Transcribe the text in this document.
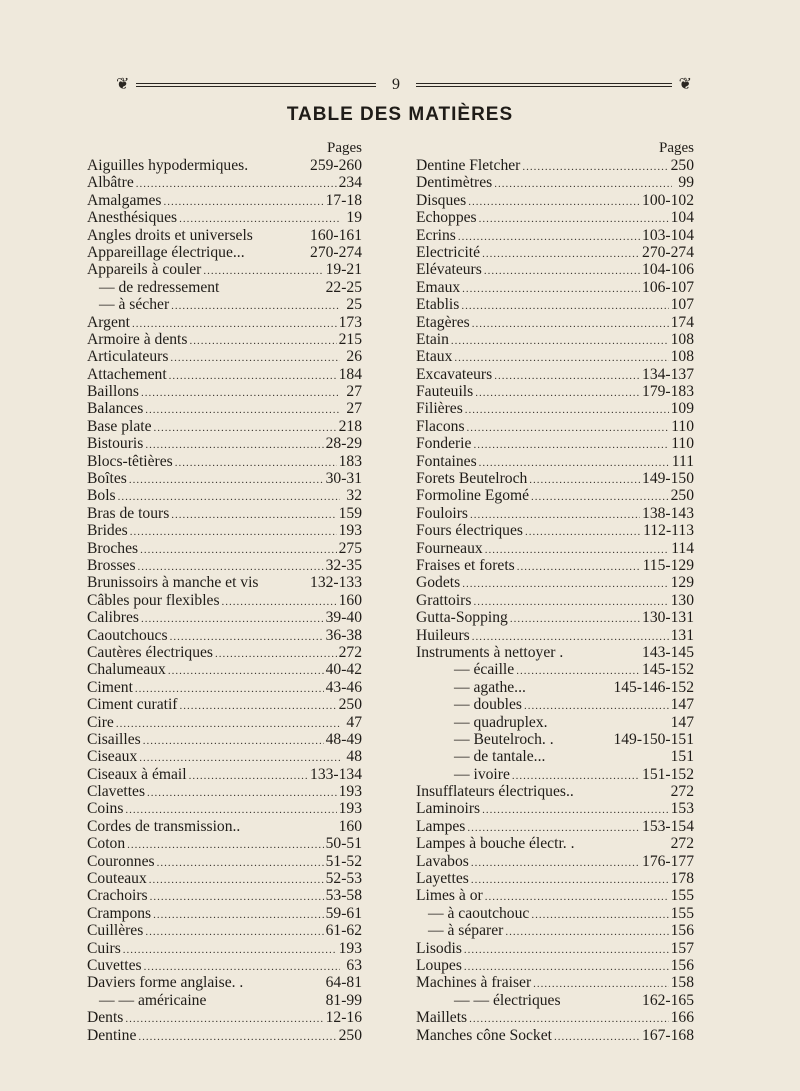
❦	9	❦
TABLE DES MATIÈRES
Pages
Aiguilles hypodermiques.	259-260
Albâtre .....	234
Amalgames .....	17-18
Anesthésiques .....	19
Angles droits et universels	160-161
Appareillage électrique...	270-274
Appareils à couler .....	19-21
— de redressement	22-25
— à sécher .....	25
Argent .....	173
Armoire à dents .....	215
Articulateurs .....	26
Attachement .....	184
Baillons .....	27
Balances .....	27
Base plate .....	218
Bistouris .....	28-29
Blocs-têtières .....	183
Boîtes .....	30-31
Bols .....	32
Bras de tours .....	159
Brides .....	193
Broches .....	275
Brosses .....	32-35
Brunissoirs à manche et vis	132-133
Câbles pour flexibles .....	160
Calibres .....	39-40
Caoutchoucs .....	36-38
Cautères électriques .....	272
Chalumeaux .....	40-42
Ciment .....	43-46
Ciment curatif .....	250
Cire .....	47
Cisailles .....	48-49
Ciseaux .....	48
Ciseaux à émail .....	133-134
Clavettes .....	193
Coins .....	193
Cordes de transmission..	160
Coton .....	50-51
Couronnes .....	51-52
Couteaux .....	52-53
Crachoirs .....	53-58
Crampons .....	59-61
Cuillères .....	61-62
Cuirs .....	193
Cuvettes .....	63
Daviers forme anglaise. .	64-81
— — américaine	81-99
Dents .....	12-16
Dentine .....	250
Pages
Dentine Fletcher .....	250
Dentimètres .....	99
Disques .....	100-102
Echoppes .....	104
Ecrins .....	103-104
Electricité .....	270-274
Elévateurs .....	104-106
Emaux .....	106-107
Etablis .....	107
Etagères .....	174
Etain .....	108
Etaux .....	108
Excavateurs .....	134-137
Fauteuils .....	179-183
Filières .....	109
Flacons .....	110
Fonderie .....	110
Fontaines .....	111
Forets Beutelroch .....	149-150
Formoline Egomé .....	250
Fouloirs .....	138-143
Fours électriques .....	112-113
Fourneaux .....	114
Fraises et forets .....	115-129
Godets .....	129
Grattoirs .....	130
Gutta-Sopping .....	130-131
Huileurs .....	131
Instruments à nettoyer .	143-145
— écaille .....	145-152
— agathe...	145-146-152
— doubles .....	147
— quadruplex.	147
— Beutelroch. .	149-150-151
— de tantale...	151
— ivoire .....	151-152
Insufflateurs électriques..	272
Laminoirs .....	153
Lampes .....	153-154
Lampes à bouche électr. .	272
Lavabos .....	176-177
Layettes .....	178
Limes à or .....	155
— à caoutchouc .....	155
— à séparer .....	156
Lisodis .....	157
Loupes .....	156
Machines à fraiser .....	158
— — électriques	162-165
Maillets .....	166
Manches cône Socket .....	167-168
